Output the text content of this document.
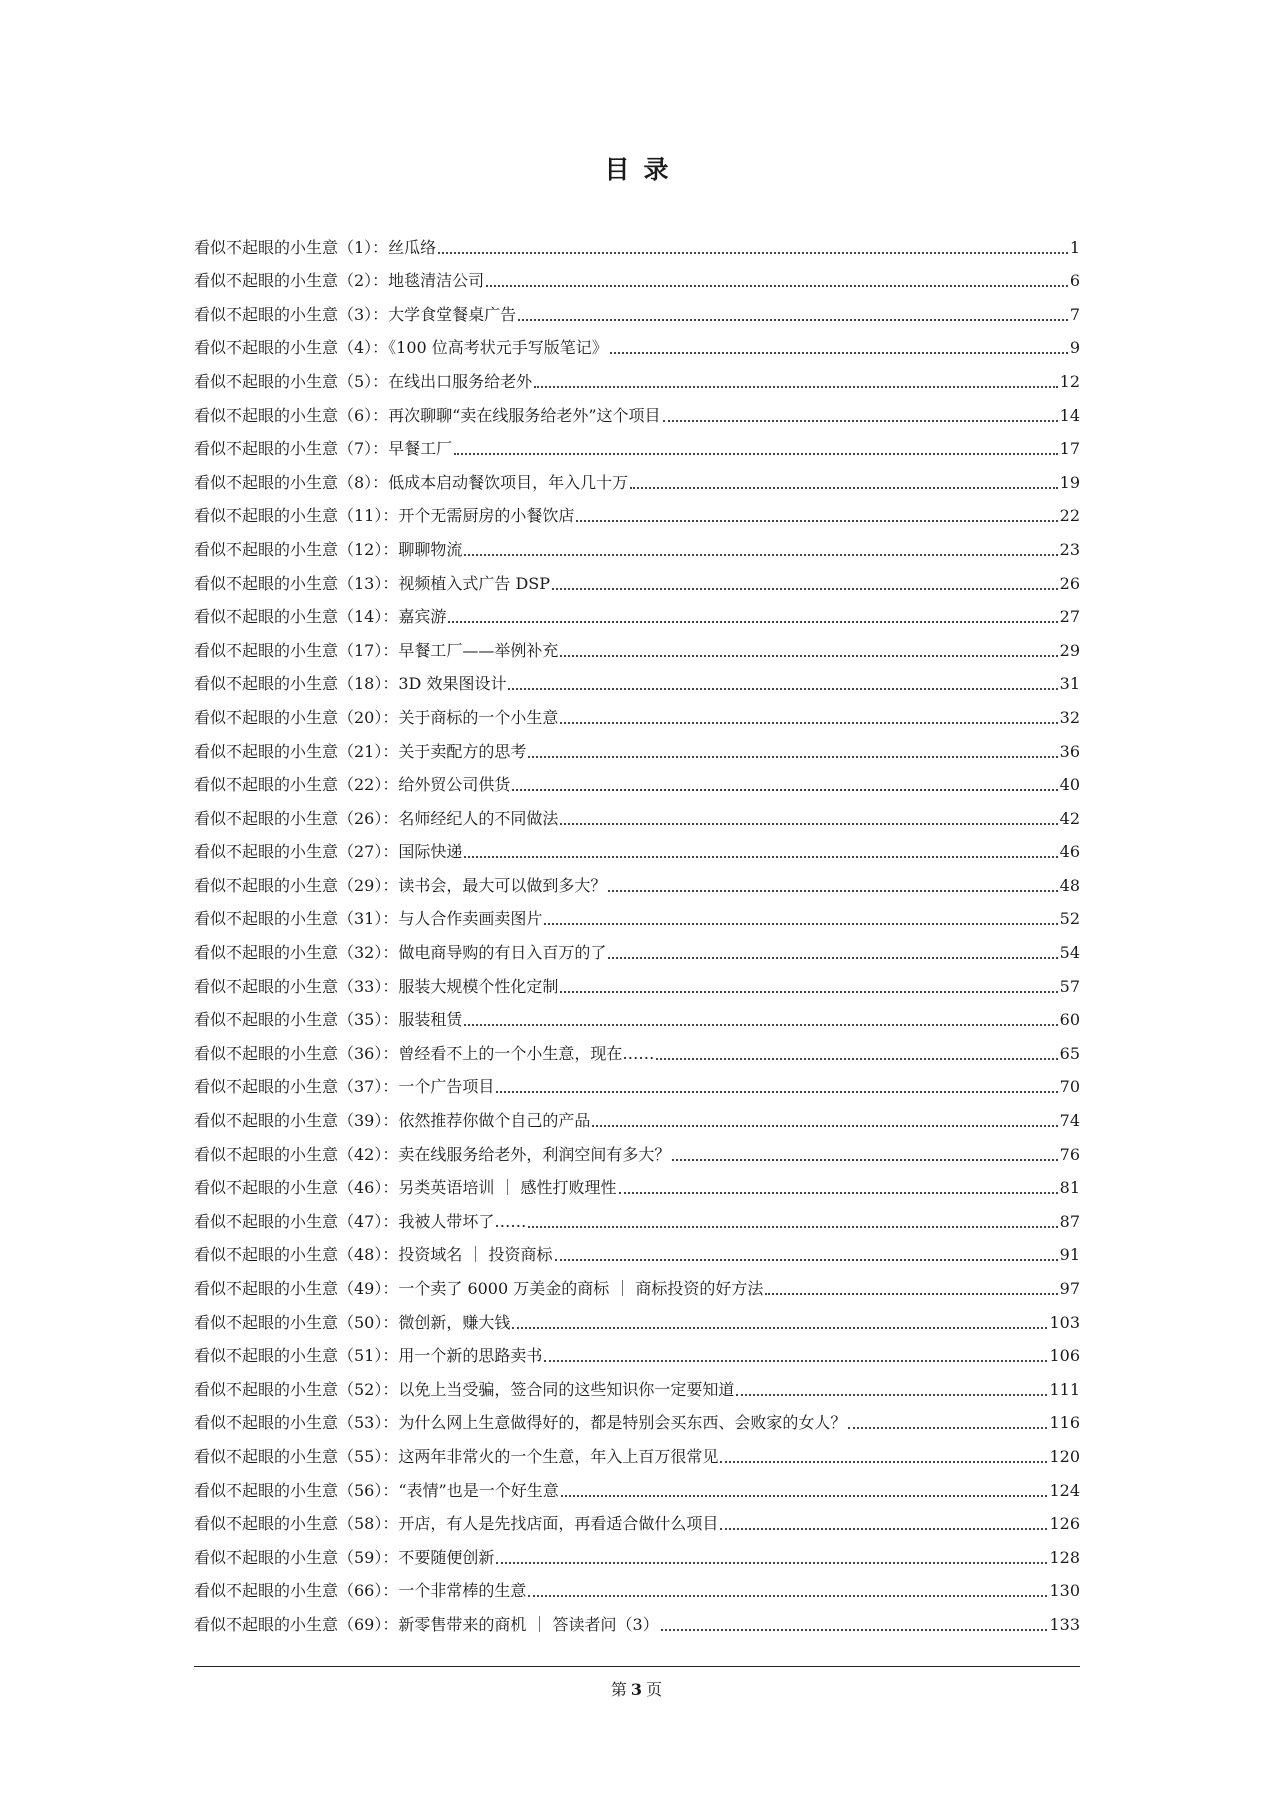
目录
看似不起眼的小生意（1）：丝瓜络	1
看似不起眼的小生意（2）：地毯清洁公司	6
看似不起眼的小生意（3）：大学食堂餐桌广告	7
看似不起眼的小生意（4）：《100 位高考状元手写版笔记》	9
看似不起眼的小生意（5）：在线出口服务给老外	12
看似不起眼的小生意（6）：再次聊聊“卖在线服务给老外”这个项目	14
看似不起眼的小生意（7）：早餐工厂	17
看似不起眼的小生意（8）：低成本启动餐饮项目，年入几十万	19
看似不起眼的小生意（11）：开个无需厨房的小餐饮店	22
看似不起眼的小生意（12）：聊聊物流	23
看似不起眼的小生意（13）：视频植入式广告 DSP	26
看似不起眼的小生意（14）：嘉宾游	27
看似不起眼的小生意（17）：早餐工厂——举例补充	29
看似不起眼的小生意（18）：3D 效果图设计	31
看似不起眼的小生意（20）：关于商标的一个小生意	32
看似不起眼的小生意（21）：关于卖配方的思考	36
看似不起眼的小生意（22）：给外贸公司供货	40
看似不起眼的小生意（26）：名师经纪人的不同做法	42
看似不起眼的小生意（27）：国际快递	46
看似不起眼的小生意（29）：读书会，最大可以做到多大？	48
看似不起眼的小生意（31）：与人合作卖画卖图片	52
看似不起眼的小生意（32）：做电商导购的有日入百万的了	54
看似不起眼的小生意（33）：服装大规模个性化定制	57
看似不起眼的小生意（35）：服装租赁	60
看似不起眼的小生意（36）：曾经看不上的一个小生意，现在……	65
看似不起眼的小生意（37）：一个广告项目	70
看似不起眼的小生意（39）：依然推荐你做个自己的产品	74
看似不起眼的小生意（42）：卖在线服务给老外，利润空间有多大？	76
看似不起眼的小生意（46）：另类英语培训 ｜ 感性打败理性	81
看似不起眼的小生意（47）：我被人带坏了……	87
看似不起眼的小生意（48）：投资域名 ｜ 投资商标	91
看似不起眼的小生意（49）：一个卖了 6000 万美金的商标 ｜ 商标投资的好方法	97
看似不起眼的小生意（50）：微创新，赚大钱	103
看似不起眼的小生意（51）：用一个新的思路卖书	106
看似不起眼的小生意（52）：以免上当受骗，签合同的这些知识你一定要知道	111
看似不起眼的小生意（53）：为什么网上生意做得好的，都是特别会买东西、会败家的女人？	116
看似不起眼的小生意（55）：这两年非常火的一个生意，年入上百万很常见	120
看似不起眼的小生意（56）：“表情”也是一个好生意	124
看似不起眼的小生意（58）：开店，有人是先找店面，再看适合做什么项目	126
看似不起眼的小生意（59）：不要随便创新	128
看似不起眼的小生意（66）：一个非常棒的生意	130
看似不起眼的小生意（69）：新零售带来的商机 ｜ 答读者问（3）	133
第 3 页
